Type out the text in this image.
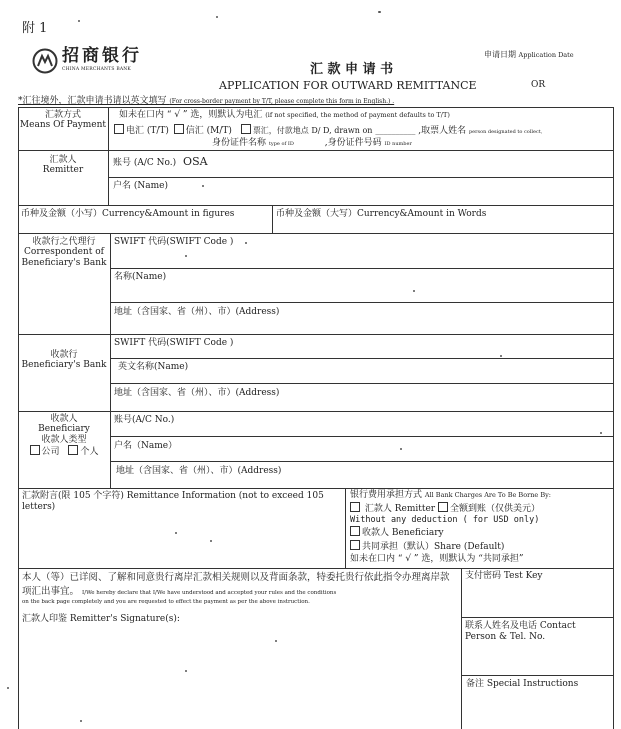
附 1
招商银行
CHINA MERCHANTS BANK	汇 款 申 请 书
APPLICATION FOR OUTWARD REMITTANCE
申请日期 Application Date
OR
*汇往境外，汇款申请书请以英文填写 (For cross-border payment by T/T, please complete this form in English.) .
汇款方式
Means Of Payment
如未在口内 “ √ ” 选，则默认为电汇 (if not specified, the method of payment defaults to T/T)
电汇 (T/T) 信汇 (M/T)	票汇，付款地点 D/ D, drawn on __________ ,取票人姓名 person designated to collect,
身份证件名称 type of ID	,身份证件号码 ID number
汇款人
Remitter
账号 (A/C No.) OSA
户名 (Name)
币种及金额（小写）Currency&Amount in figures	币种及金额（大写）Currency&Amount in Words
收款行之代理行
Correspondent of
Beneficiary's Bank
SWIFT 代码(SWIFT Code )
名称(Name)
地址（含国家、省（州）、市）(Address)
收款行
Beneficiary's Bank
SWIFT 代码(SWIFT Code )
英文名称(Name)
地址（含国家、省（州）、市）(Address)
收款人
Beneficiary
收款人类型
公司 个人
账号(A/C No.)
户名（Name）
地址（含国家、省（州）、市）(Address)
汇款附言(限 105 个字符) Remittance Information (not to exceed 105 letters)
银行费用承担方式 All Bank Charges Are To Be Borne By:
汇款人 Remitter 全额到账（仅供美元）
Without any deduction ( for USD only)
收款人 Beneficiary
共同承担（默认）Share (Default)
如未在口内 “ √ ” 选，则默认为 “共同承担”
本人（等）已详阅、了解和同意贵行离岸汇款相关规则以及背面条款，特委托贵行依此指令办理离岸款项汇出事宜。 I/We hereby declare that I/We have understood and accepted your rules and the conditions
on the back page completely and you are requested to effect the payment as per the above instruction.
汇款人印鉴 Remitter's Signature(s):
支付密码 Test Key
联系人姓名及电话 Contact
Person & Tel. No.
备注 Special Instructions
